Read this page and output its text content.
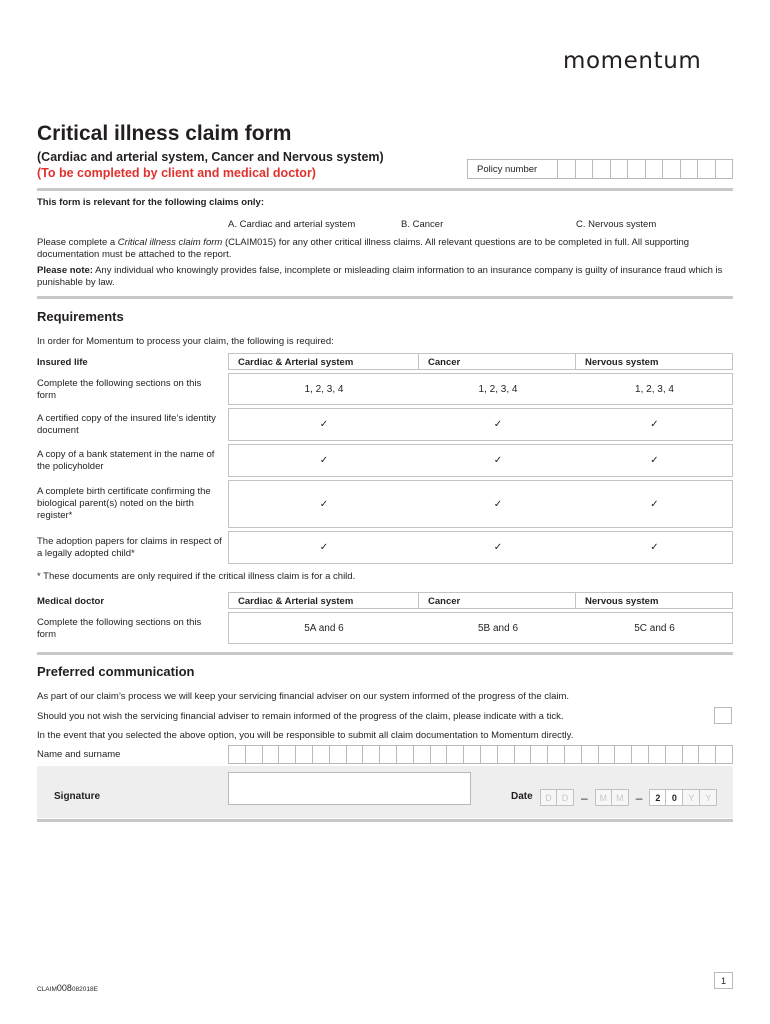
momentum
Critical illness claim form
(Cardiac and arterial system, Cancer and Nervous system)
(To be completed by client and medical doctor)	Policy number
This form is relevant for the following claims only:
A. Cardiac and arterial system	B. Cancer	C. Nervous system
Please complete a Critical illness claim form (CLAIM015) for any other critical illness claims. All relevant questions are to be completed in full. All supporting documentation must be attached to the report.
Please note: Any individual who knowingly provides false, incomplete or misleading claim information to an insurance company is guilty of insurance fraud which is punishable by law.
Requirements
In order for Momentum to process your claim, the following is required:
Insured life	Cardiac & Arterial system	Cancer	Nervous system
Complete the following sections on this form
1, 2, 3, 4	1, 2, 3, 4	1, 2, 3, 4
A certified copy of the insured life’s identity document
✓	✓	✓
A copy of a bank statement in the name of the policyholder
✓	✓	✓
A complete birth certificate confirming the biological parent(s) noted on the birth register*
✓	✓	✓
The adoption papers for claims in respect of a legally adopted child*
✓	✓	✓
* These documents are only required if the critical illness claim is for a child.
Medical doctor	Cardiac & Arterial system	Cancer	Nervous system
Complete the following sections on this form
5A and 6	5B and 6	5C and 6
Preferred communication
As part of our claim’s process we will keep your servicing financial adviser on our system informed of the progress of the claim.
Should you not wish the servicing financial adviser to remain informed of the progress of the claim, please indicate with a tick.
In the event that you selected the above option, you will be responsible to submit all claim documentation to Momentum directly.
Name and surname
Signature	Date	D	D	–	M	M	–	2	0	Y	Y
CLAIM008082018E
1
